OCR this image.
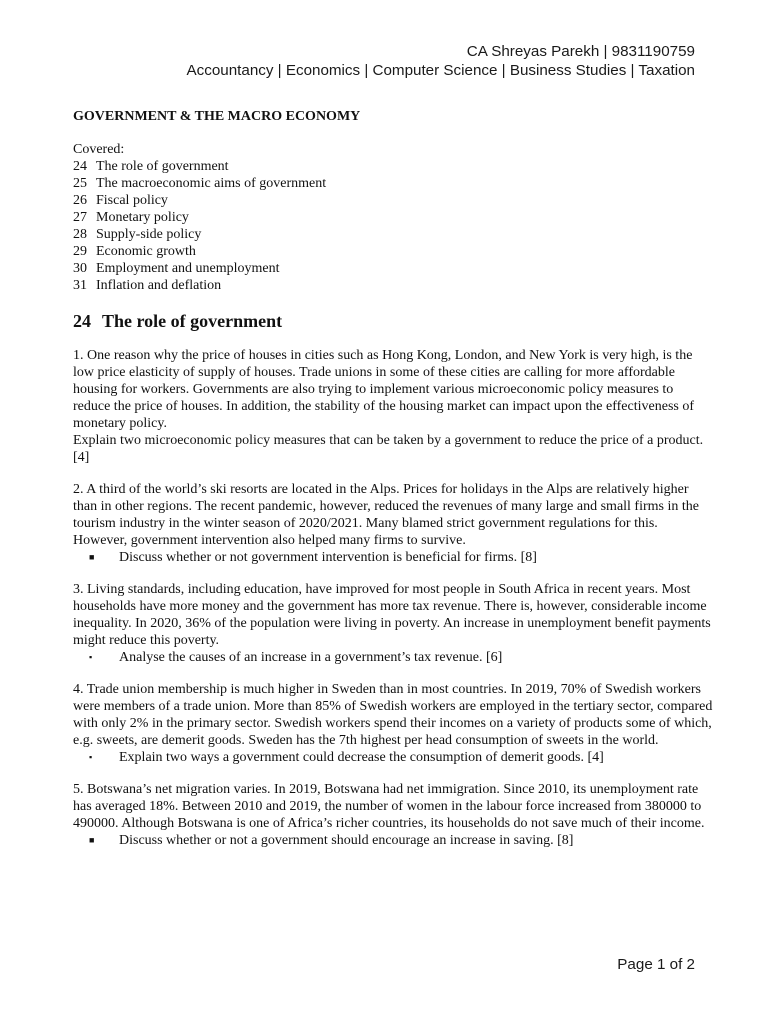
CA Shreyas Parekh | 9831190759
Accountancy | Economics | Computer Science | Business Studies | Taxation
GOVERNMENT & THE MACRO ECONOMY
Covered:
24 The role of government
25 The macroeconomic aims of government
26 Fiscal policy
27 Monetary policy
28 Supply-side policy
29 Economic growth
30 Employment and unemployment
31 Inflation and deflation
24 The role of government

1. One reason why the price of houses in cities such as Hong Kong, London, and New York is very high, is the low price elasticity of supply of houses. Trade unions in some of these cities are calling for more affordable housing for workers. Governments are also trying to implement various microeconomic policy measures to reduce the price of houses. In addition, the stability of the housing market can impact upon the effectiveness of monetary policy.

Explain two microeconomic policy measures that can be taken by a government to reduce the price of a product. [4]

2. A third of the world’s ski resorts are located in the Alps. Prices for holidays in the Alps are relatively higher than in other regions. The recent pandemic, however, reduced the revenues of many large and small firms in the tourism industry in the winter season of 2020/2021. Many blamed strict government regulations for this. However, government intervention also helped many firms to survive.

■ Discuss whether or not government intervention is beneficial for firms. [8]

3. Living standards, including education, have improved for most people in South Africa in recent years. Most households have more money and the government has more tax revenue. There is, however, considerable income inequality. In 2020, 36% of the population were living in poverty. An increase in unemployment benefit payments might reduce this poverty.

▪ Analyse the causes of an increase in a government’s tax revenue. [6]

4. Trade union membership is much higher in Sweden than in most countries. In 2019, 70% of Swedish workers were members of a trade union. More than 85% of Swedish workers are employed in the tertiary sector, compared with only 2% in the primary sector. Swedish workers spend their incomes on a variety of products some of which, e.g. sweets, are demerit goods. Sweden has the 7th highest per head consumption of sweets in the world.

▪ Explain two ways a government could decrease the consumption of demerit goods. [4]

5. Botswana’s net migration varies. In 2019, Botswana had net immigration. Since 2010, its unemployment rate has averaged 18%. Between 2010 and 2019, the number of women in the labour force increased from 380000 to 490000. Although Botswana is one of Africa’s richer countries, its households do not save much of their income.

■ Discuss whether or not a government should encourage an increase in saving. [8]
Page 1 of 2
